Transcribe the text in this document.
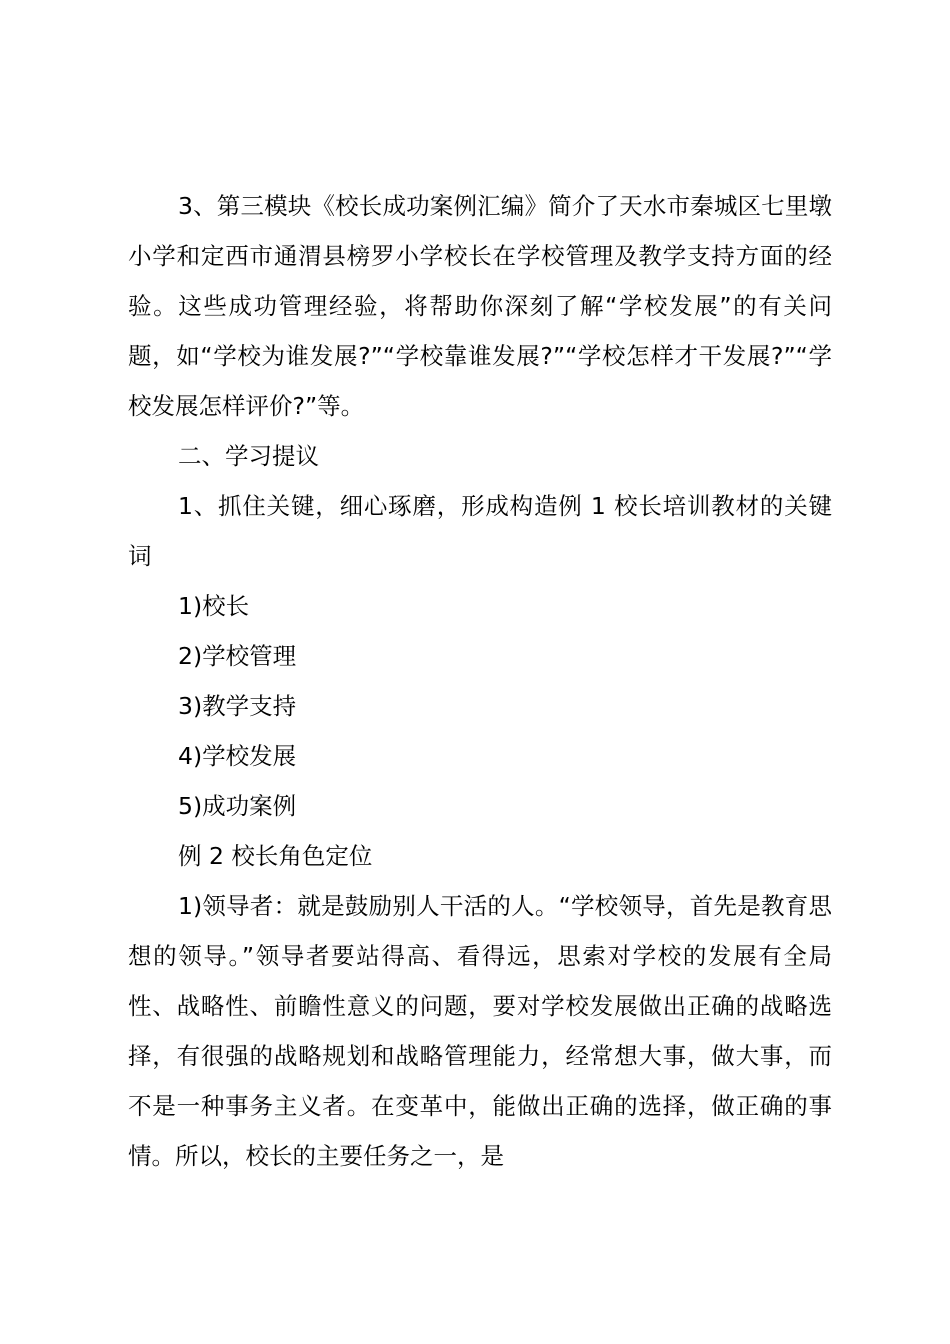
3、第三模块《校长成功案例汇编》简介了天水市秦城区七里墩小学和定西市通渭县榜罗小学校长在学校管理及教学支持方面的经验。这些成功管理经验，将帮助你深刻了解“学校发展”的有关问题，如“学校为谁发展?”“学校靠谁发展?”“学校怎样才干发展?”“学校发展怎样评价?”等。

二、学习提议

1、抓住关键，细心琢磨，形成构造例 1 校长培训教材的关键词

1)校长

2)学校管理

3)教学支持

4)学校发展

5)成功案例

例 2 校长角色定位

1)领导者：就是鼓励别人干活的人。“学校领导，首先是教育思想的领导。”领导者要站得高、看得远，思索对学校的发展有全局性、战略性、前瞻性意义的问题，要对学校发展做出正确的战略选择，有很强的战略规划和战略管理能力，经常想大事，做大事，而不是一种事务主义者。在变革中，能做出正确的选择，做正确的事情。所以，校长的主要任务之一，是
